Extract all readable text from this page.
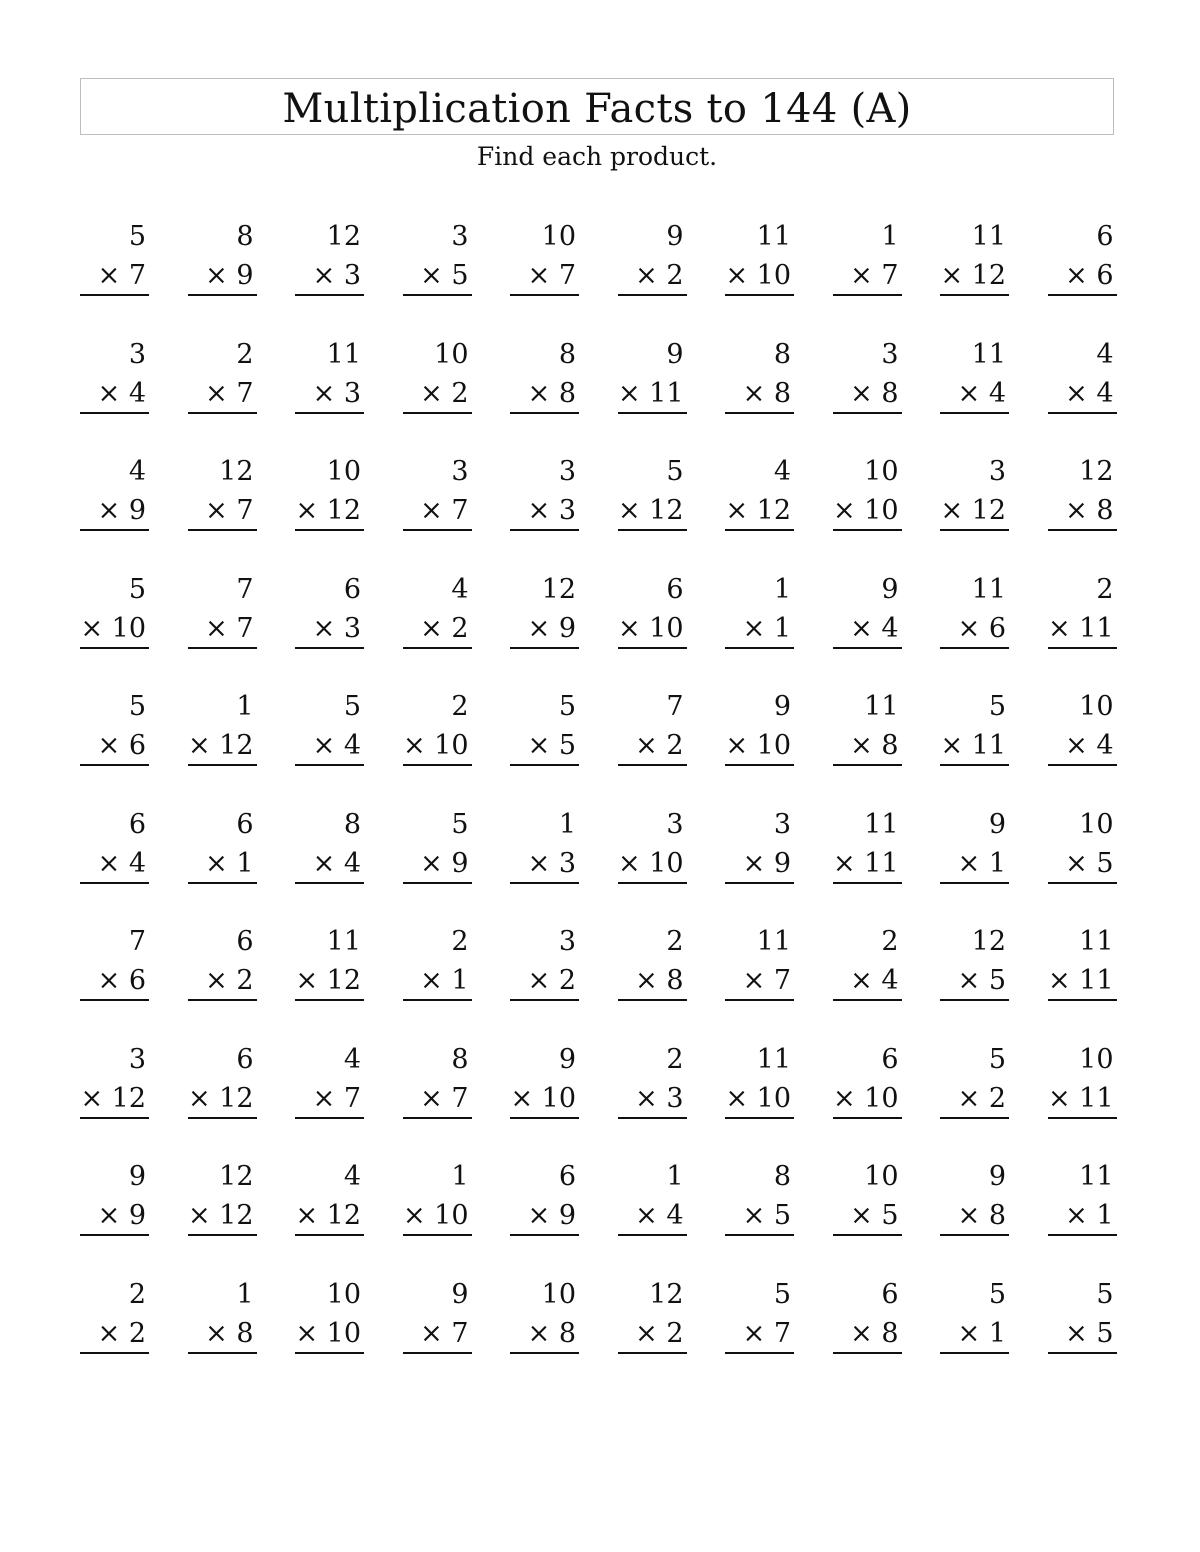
Multiplication Facts to 144 (A)
Find each product.
5
× 7
8
× 9
12
× 3
3
× 5
10
× 7
9
× 2
11
× 10
1
× 7
11
× 12
6
× 6
3
× 4
2
× 7
11
× 3
10
× 2
8
× 8
9
× 11
8
× 8
3
× 8
11
× 4
4
× 4
4
× 9
12
× 7
10
× 12
3
× 7
3
× 3
5
× 12
4
× 12
10
× 10
3
× 12
12
× 8
5
× 10
7
× 7
6
× 3
4
× 2
12
× 9
6
× 10
1
× 1
9
× 4
11
× 6
2
× 11
5
× 6
1
× 12
5
× 4
2
× 10
5
× 5
7
× 2
9
× 10
11
× 8
5
× 11
10
× 4
6
× 4
6
× 1
8
× 4
5
× 9
1
× 3
3
× 10
3
× 9
11
× 11
9
× 1
10
× 5
7
× 6
6
× 2
11
× 12
2
× 1
3
× 2
2
× 8
11
× 7
2
× 4
12
× 5
11
× 11
3
× 12
6
× 12
4
× 7
8
× 7
9
× 10
2
× 3
11
× 10
6
× 10
5
× 2
10
× 11
9
× 9
12
× 12
4
× 12
1
× 10
6
× 9
1
× 4
8
× 5
10
× 5
9
× 8
11
× 1
2
× 2
1
× 8
10
× 10
9
× 7
10
× 8
12
× 2
5
× 7
6
× 8
5
× 1
5
× 5
